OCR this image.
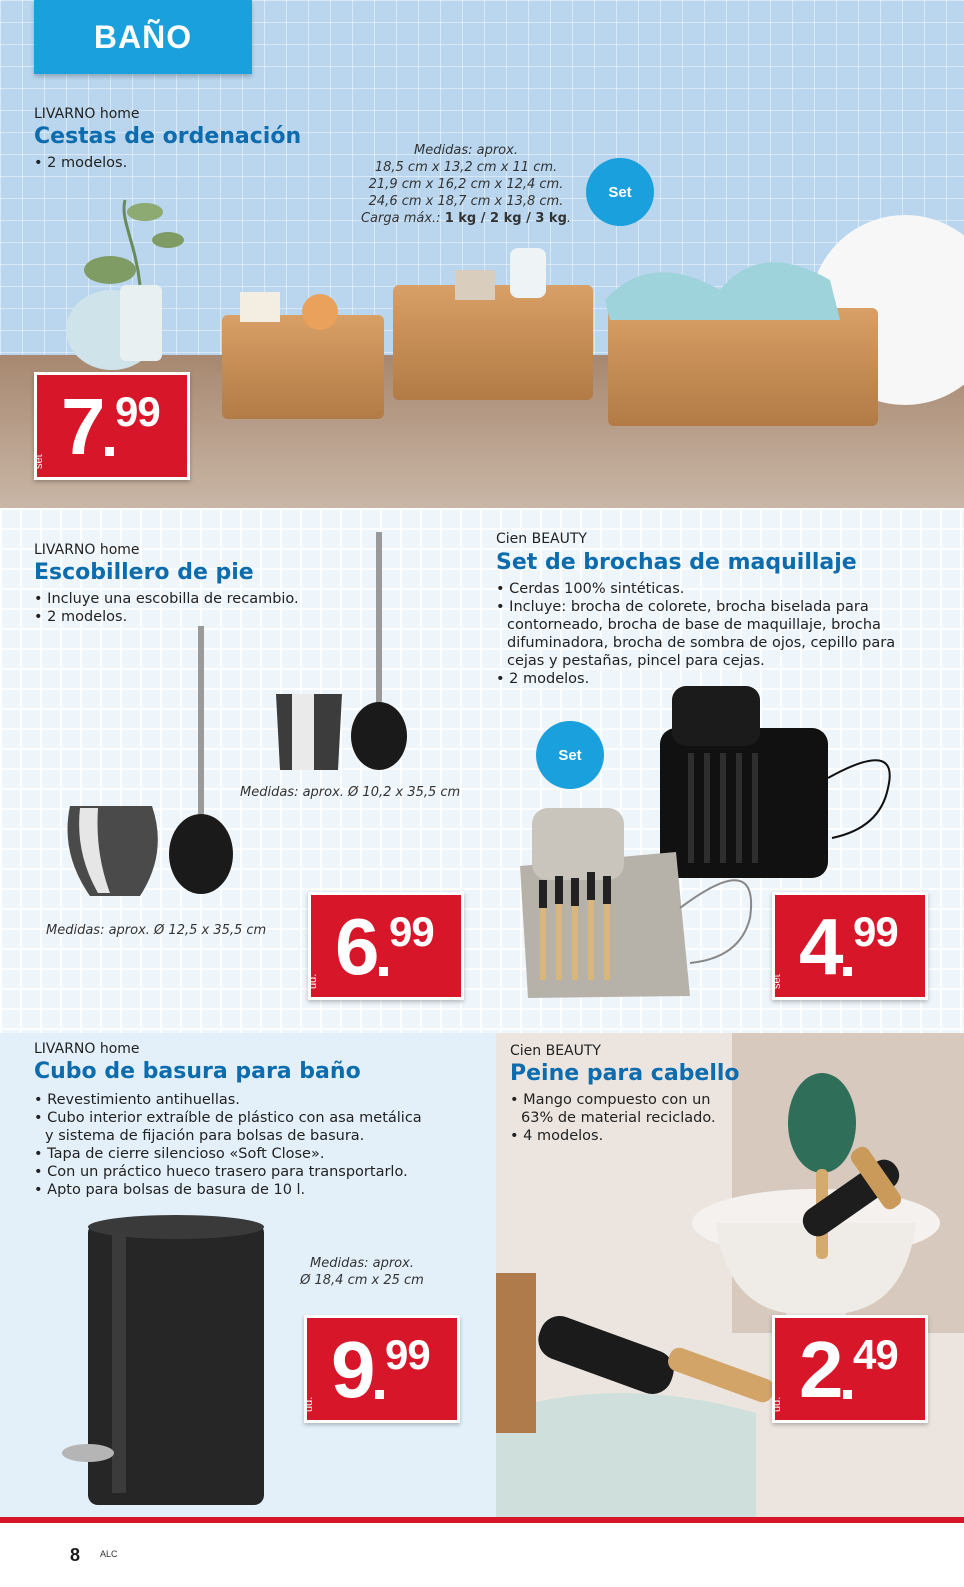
BAÑO
LIVARNO home
Cestas de ordenación
• 2 modelos.
Medidas: aprox.
18,5 cm x 13,2 cm x 11 cm.
21,9 cm x 16,2 cm x 12,4 cm.
24,6 cm x 18,7 cm x 13,8 cm.
Carga máx.: 1 kg / 2 kg / 3 kg.
Set
set 7 99
LIVARNO home
Escobillero de pie
• Incluye una escobilla de recambio.
• 2 modelos.
Medidas: aprox. Ø 10,2 x 35,5 cm
Medidas: aprox. Ø 12,5 x 35,5 cm
ud. 6 99
Cien BEAUTY
Set de brochas de maquillaje
• Cerdas 100% sintéticas.
• Incluye: brocha de colorete, brocha biselada para contorneado, brocha de base de maquillaje, brocha difuminadora, brocha de sombra de ojos, cepillo para cejas y pestañas, pincel para cejas.
• 2 modelos.
Set
set 4 99
LIVARNO home
Cubo de basura para baño
• Revestimiento antihuellas.
• Cubo interior extraíble de plástico con asa metálica y sistema de fijación para bolsas de basura.
• Tapa de cierre silencioso «Soft Close».
• Con un práctico hueco trasero para transportarlo.
• Apto para bolsas de basura de 10 l.
Medidas: aprox.
Ø 18,4 cm x 25 cm
ud. 9 99
Cien BEAUTY
Peine para cabello
• Mango compuesto con un 63% de material reciclado.
• 4 modelos.
ud. 2 49
8 ALC
